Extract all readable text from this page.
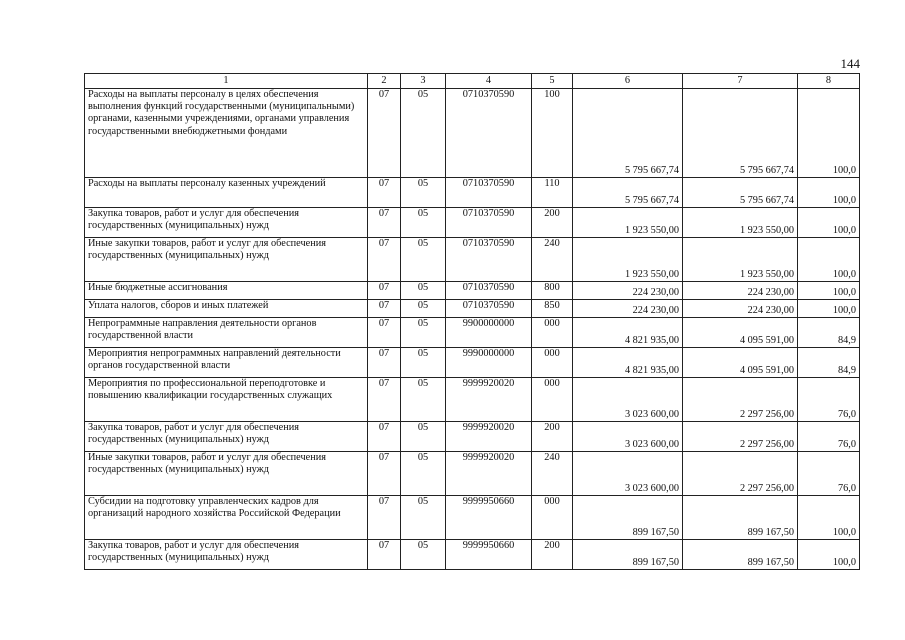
144
1	2	3	4	5	6	7	8
Расходы на выплаты персоналу в целях обеспечения выполнения функций государственными (муниципальными) органами, казенными учреждениями, органами управления государственными внебюджетными фондами	07	05	0710370590	100	5 795 667,74	5 795 667,74	100,0
Расходы на выплаты персоналу казенных учреждений	07	05	0710370590	110	5 795 667,74	5 795 667,74	100,0
Закупка товаров, работ и услуг для обеспечения государственных (муниципальных) нужд	07	05	0710370590	200	1 923 550,00	1 923 550,00	100,0
Иные закупки товаров, работ и услуг для обеспечения государственных (муниципальных) нужд	07	05	0710370590	240	1 923 550,00	1 923 550,00	100,0
Иные бюджетные ассигнования	07	05	0710370590	800	224 230,00	224 230,00	100,0
Уплата налогов, сборов и иных платежей	07	05	0710370590	850	224 230,00	224 230,00	100,0
Непрограммные направления деятельности органов государственной власти	07	05	9900000000	000	4 821 935,00	4 095 591,00	84,9
Мероприятия непрограммных направлений деятельности органов государственной власти	07	05	9990000000	000	4 821 935,00	4 095 591,00	84,9
Мероприятия по профессиональной переподготовке и повышению квалификации государственных служащих	07	05	9999920020	000	3 023 600,00	2 297 256,00	76,0
Закупка товаров, работ и услуг для обеспечения государственных (муниципальных) нужд	07	05	9999920020	200	3 023 600,00	2 297 256,00	76,0
Иные закупки товаров, работ и услуг для обеспечения государственных (муниципальных) нужд	07	05	9999920020	240	3 023 600,00	2 297 256,00	76,0
Субсидии на подготовку управленческих кадров для организаций народного хозяйства Российской Федерации	07	05	9999950660	000	899 167,50	899 167,50	100,0
Закупка товаров, работ и услуг для обеспечения государственных (муниципальных) нужд	07	05	9999950660	200	899 167,50	899 167,50	100,0
